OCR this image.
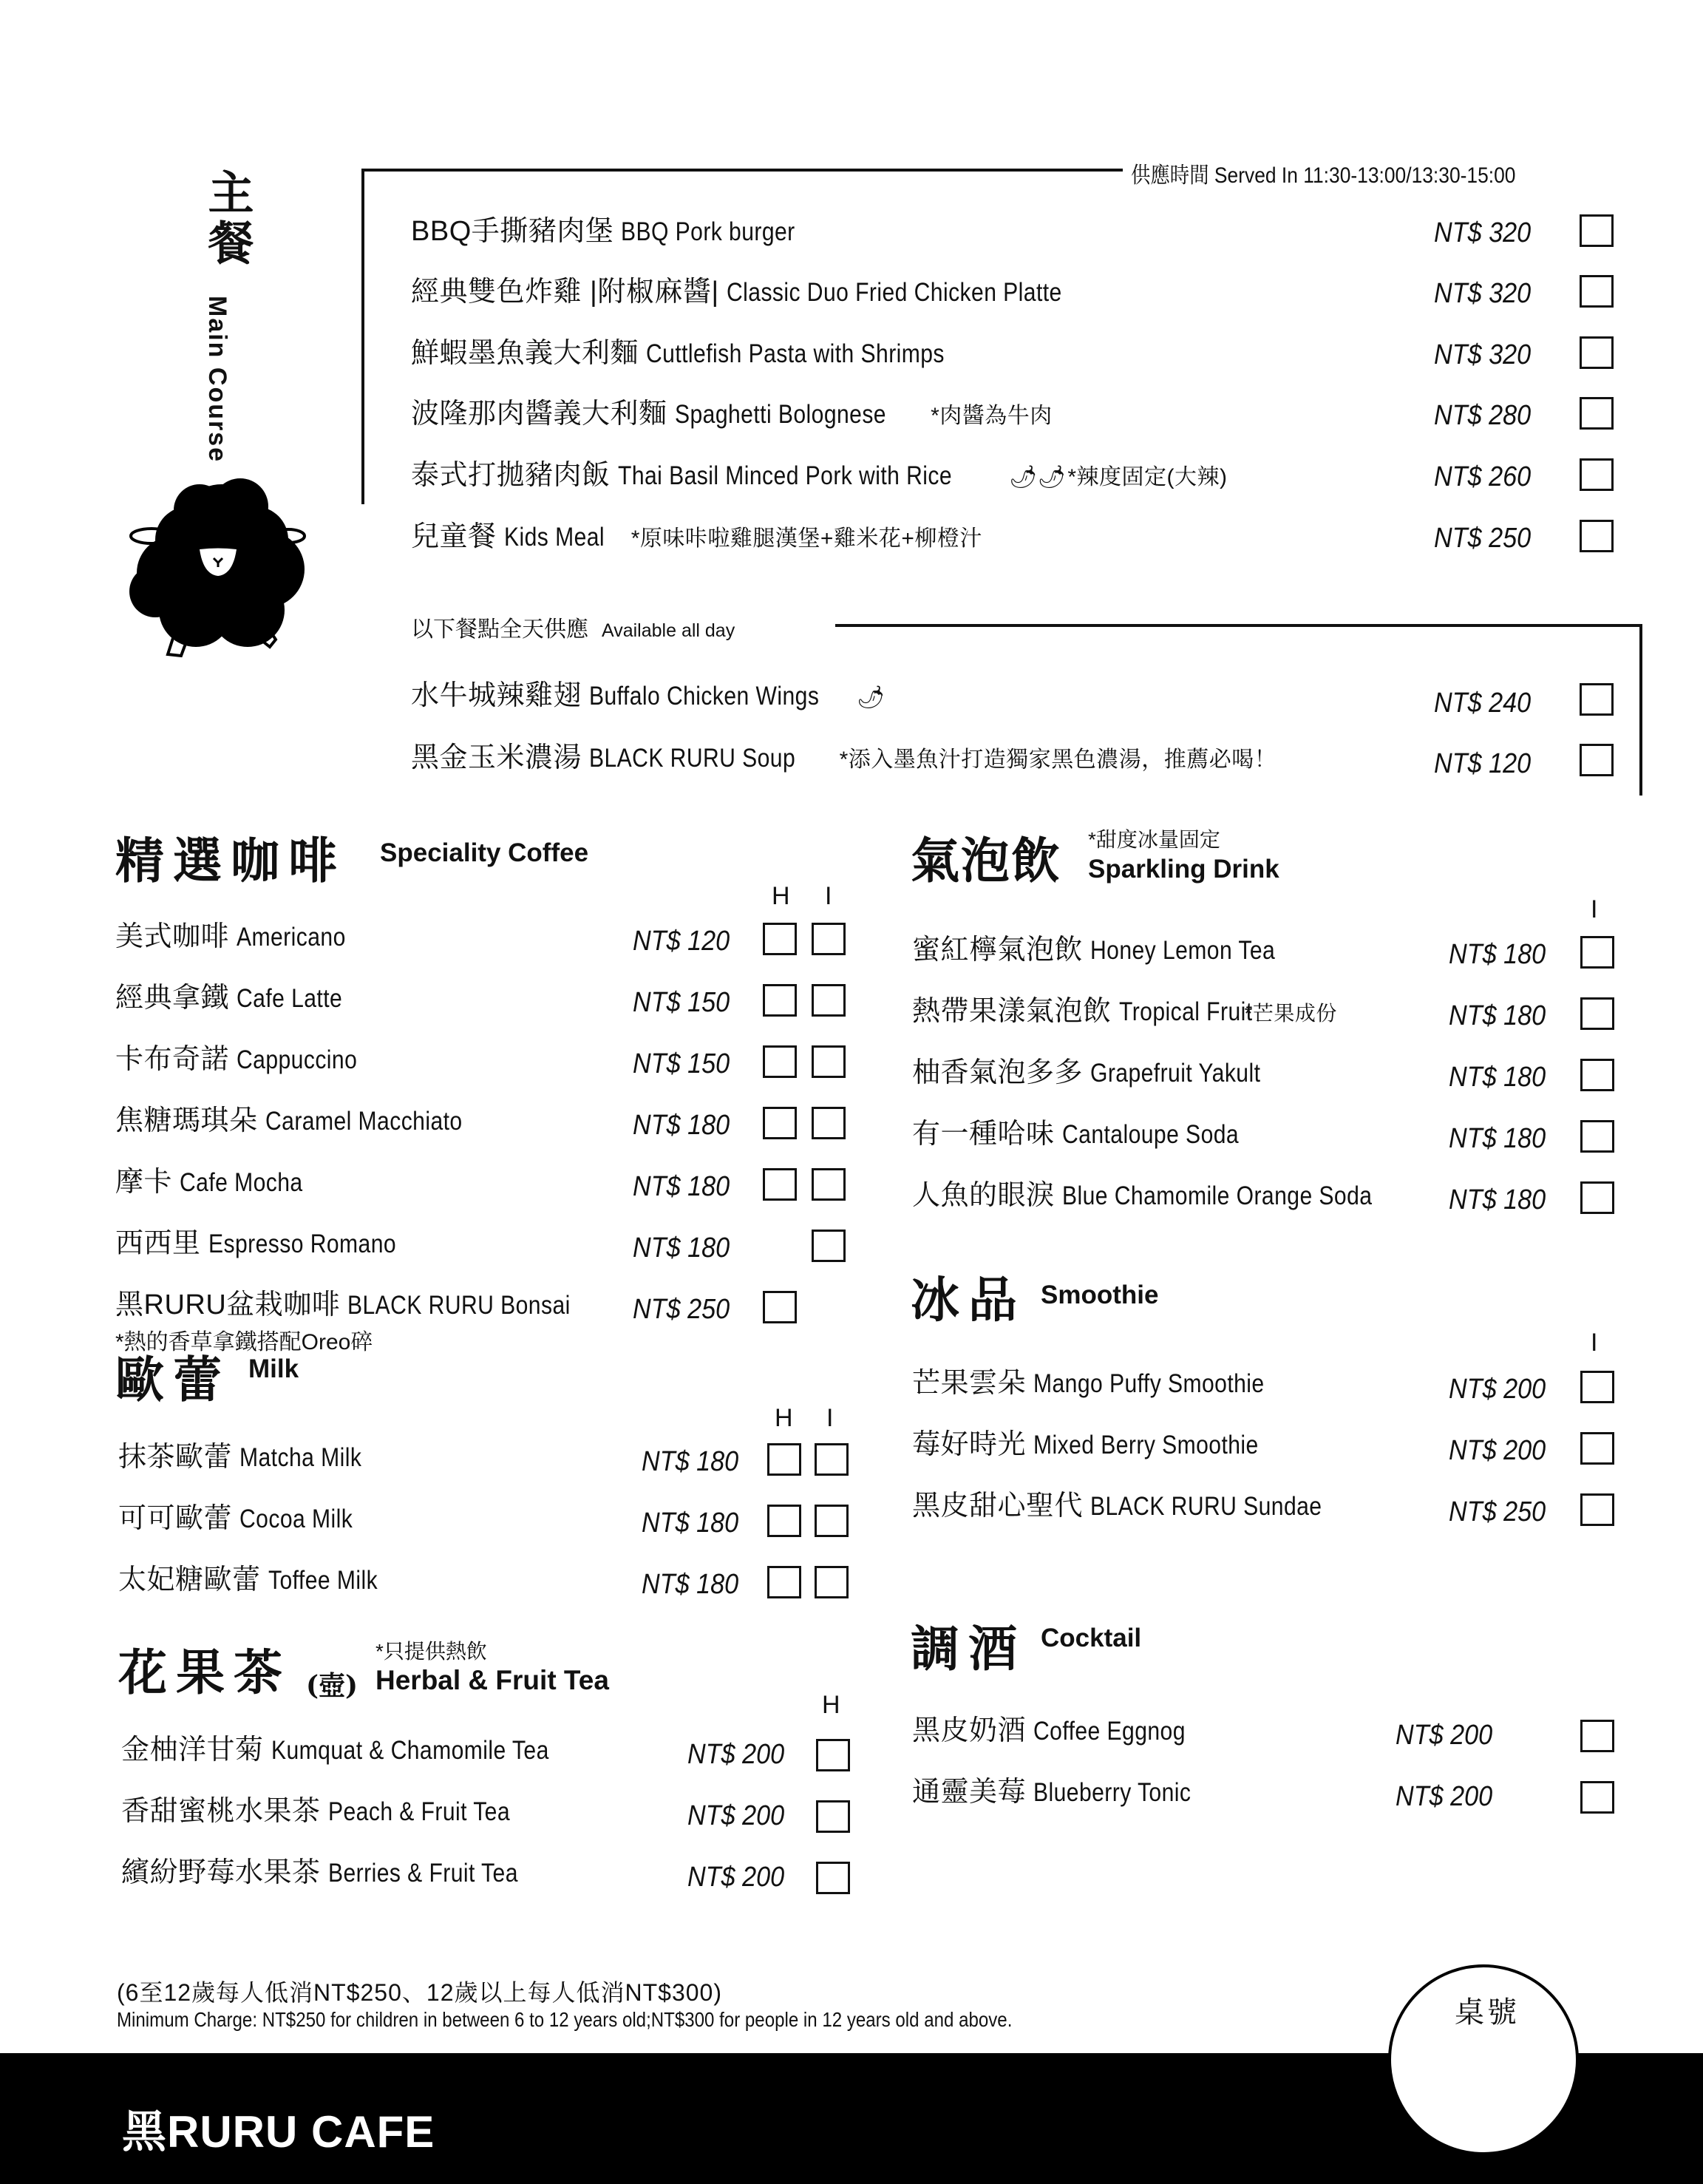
主餐
Main Course
供應時間 Served In 11:30-13:00/13:30-15:00
BBQ手撕豬肉堡 BBQ Pork burger	NT$ 320
經典雙色炸雞 |附椒麻醬| Classic Duo Fried Chicken Platte	NT$ 320
鮮蝦墨魚義大利麵 Cuttlefish Pasta with Shrimps	NT$ 320
波隆那肉醬義大利麵 Spaghetti Bolognese *肉醬為牛肉	NT$ 280
泰式打拋豬肉飯 Thai Basil Minced Pork with Rice	🌶🌶*辣度固定(大辣)	NT$ 260
兒童餐 Kids Meal *原味咔啦雞腿漢堡+雞米花+柳橙汁	NT$ 250
以下餐點全天供應 Available all day
水牛城辣雞翅 Buffalo Chicken Wings 🌶	NT$ 240
黑金玉米濃湯 BLACK RURU Soup *添入墨魚汁打造獨家黑色濃湯，推薦必喝！	NT$ 120
精選咖啡 Speciality Coffee
H I
美式咖啡 Americano	NT$ 120
經典拿鐵 Cafe Latte	NT$ 150
卡布奇諾 Cappuccino	NT$ 150
焦糖瑪琪朵 Caramel Macchiato	NT$ 180
摩卡 Cafe Mocha	NT$ 180
西西里 Espresso Romano	NT$ 180
黑RURU盆栽咖啡 BLACK RURU Bonsai	NT$ 250
*熱的香草拿鐵搭配Oreo碎
歐蕾 Milk
H I
抹茶歐蕾 Matcha Milk	NT$ 180
可可歐蕾 Cocoa Milk	NT$ 180
太妃糖歐蕾 Toffee Milk	NT$ 180
花果茶 (壺)
*只提供熱飲
Herbal & Fruit Tea
H
金柚洋甘菊 Kumquat & Chamomile Tea	NT$ 200
香甜蜜桃水果茶 Peach & Fruit Tea	NT$ 200
繽紛野莓水果茶 Berries & Fruit Tea	NT$ 200
氣泡飲 *甜度冰量固定
Sparkling Drink
I
蜜紅檸氣泡飲 Honey Lemon Tea	NT$ 180
熱帶果漾氣泡飲 Tropical Fruit*芒果成份	NT$ 180
柚香氣泡多多 Grapefruit Yakult	NT$ 180
有一種哈味 Cantaloupe Soda	NT$ 180
人魚的眼淚 Blue Chamomile Orange Soda	NT$ 180
冰品 Smoothie
I
芒果雲朵 Mango Puffy Smoothie	NT$ 200
莓好時光 Mixed Berry Smoothie	NT$ 200
黑皮甜心聖代 BLACK RURU Sundae	NT$ 250
調酒 Cocktail
黑皮奶酒 Coffee Eggnog	NT$ 200
通靈美莓 Blueberry Tonic	NT$ 200
(6至12歲每人低消NT$250、12歲以上每人低消NT$300)
Minimum Charge: NT$250 for children in between 6 to 12 years old;NT$300 for people in 12 years old and above.
黑RURU CAFE
桌號
